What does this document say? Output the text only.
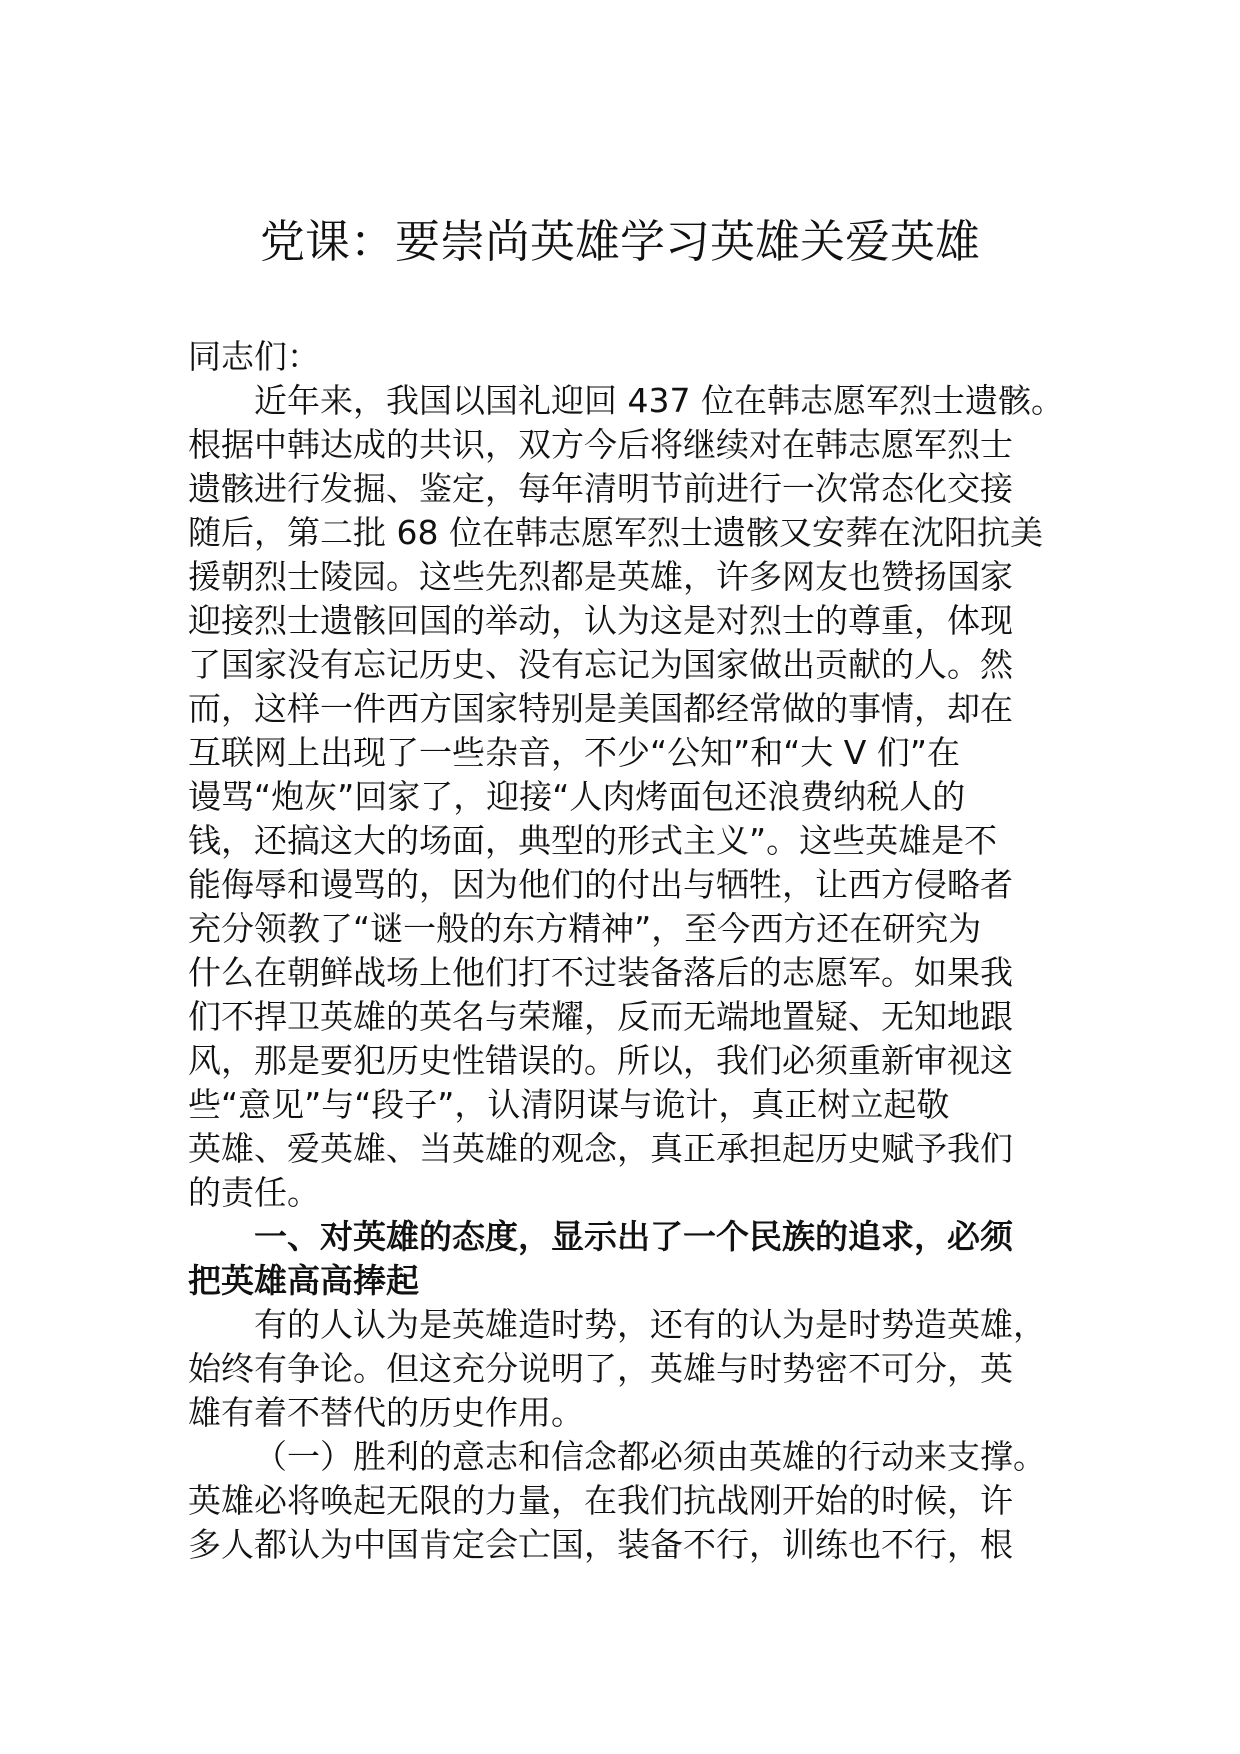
党课：要崇尚英雄学习英雄关爱英雄
同志们：
近年来，我国以国礼迎回 437 位在韩志愿军烈士遗骸。
根据中韩达成的共识，双方今后将继续对在韩志愿军烈士
遗骸进行发掘、鉴定，每年清明节前进行一次常态化交接
随后，第二批 68 位在韩志愿军烈士遗骸又安葬在沈阳抗美
援朝烈士陵园。这些先烈都是英雄，许多网友也赞扬国家
迎接烈士遗骸回国的举动，认为这是对烈士的尊重，体现
了国家没有忘记历史、没有忘记为国家做出贡献的人。然
而，这样一件西方国家特别是美国都经常做的事情，却在
互联网上出现了一些杂音，不少“公知”和“大 V 们”在
谩骂“炮灰”回家了，迎接“人肉烤面包还浪费纳税人的
钱，还搞这大的场面，典型的形式主义”。这些英雄是不
能侮辱和谩骂的，因为他们的付出与牺牲，让西方侵略者
充分领教了“谜一般的东方精神”，至今西方还在研究为
什么在朝鲜战场上他们打不过装备落后的志愿军。如果我
们不捍卫英雄的英名与荣耀，反而无端地置疑、无知地跟
风，那是要犯历史性错误的。所以，我们必须重新审视这
些“意见”与“段子”，认清阴谋与诡计，真正树立起敬
英雄、爱英雄、当英雄的观念，真正承担起历史赋予我们
的责任。
一、对英雄的态度，显示出了一个民族的追求，必须
把英雄高高捧起
有的人认为是英雄造时势，还有的认为是时势造英雄，
始终有争论。但这充分说明了，英雄与时势密不可分，英
雄有着不替代的历史作用。
（一）胜利的意志和信念都必须由英雄的行动来支撑。
英雄必将唤起无限的力量，在我们抗战刚开始的时候，许
多人都认为中国肯定会亡国，装备不行，训练也不行，根
